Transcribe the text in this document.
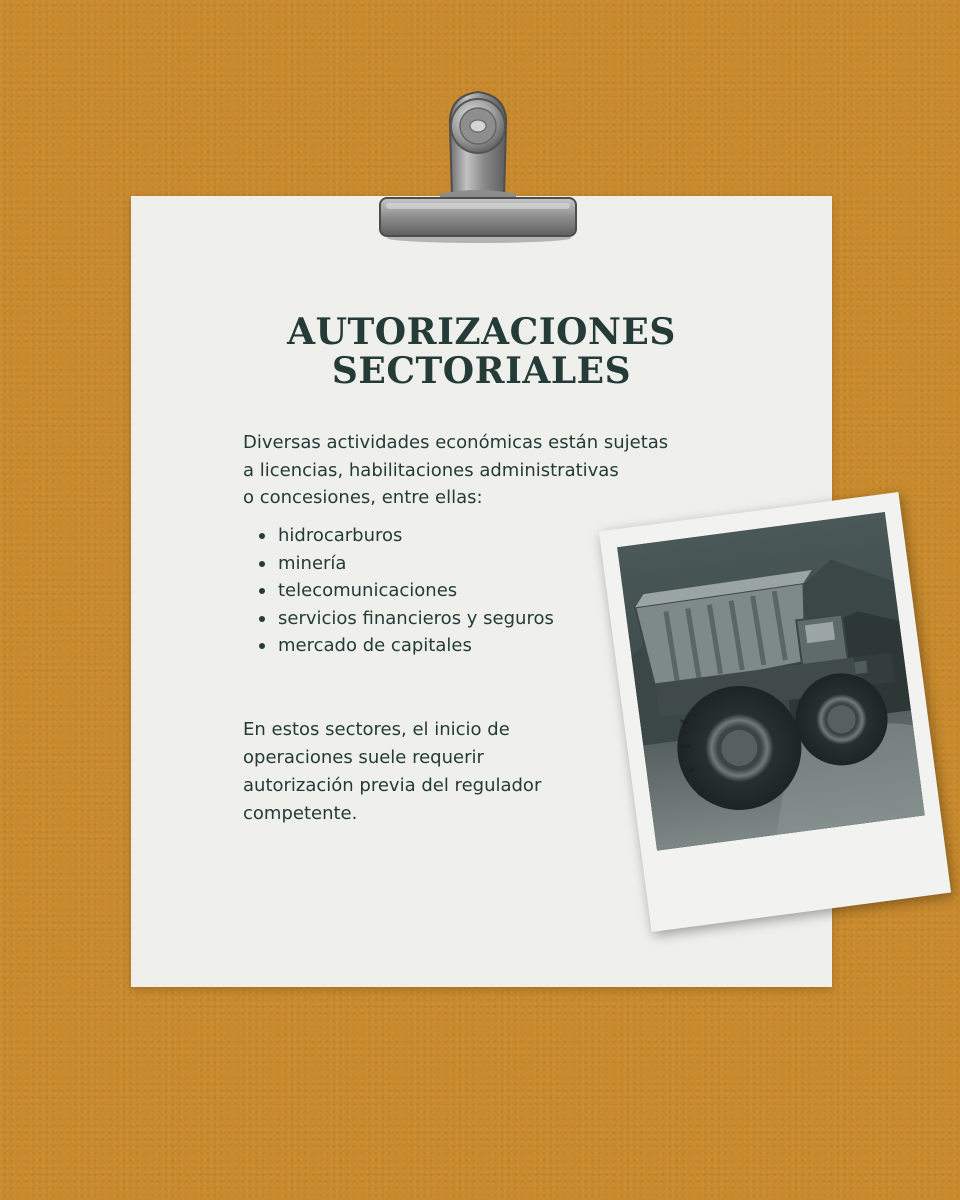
AUTORIZACIONES
SECTORIALES

Diversas actividades económicas están sujetas
a licencias, habilitaciones administrativas
o concesiones, entre ellas:

hidrocarburos
minería
telecomunicaciones
servicios financieros y seguros
mercado de capitales

En estos sectores, el inicio de
operaciones suele requerir
autorización previa del regulador
competente.
